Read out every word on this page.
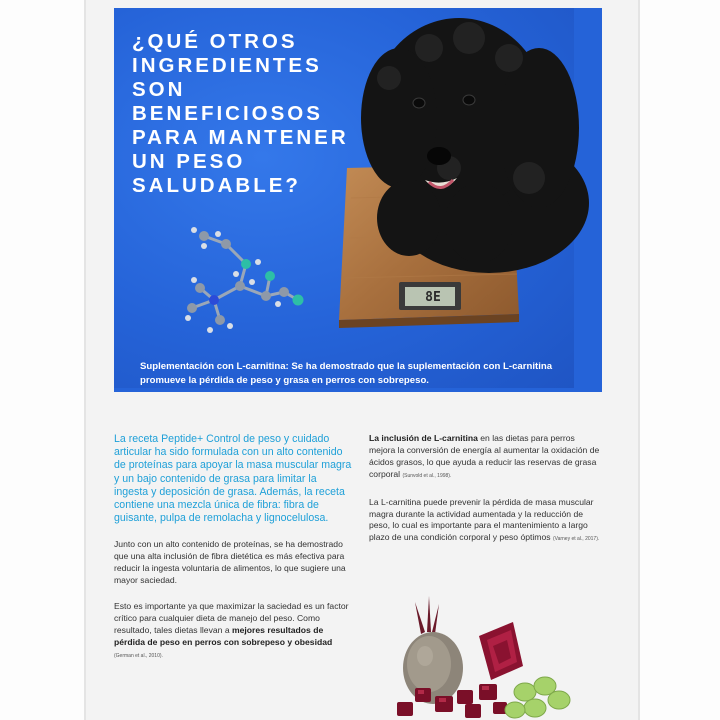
¿QUÉ OTROS INGREDIENTES SON BENEFICIOSOS PARA MANTENER UN PESO SALUDABLE?
8E
Suplementación con L-carnitina: Se ha demostrado que la suplementación con L-carnitina promueve la pérdida de peso y grasa en perros con sobrepeso.

La receta Peptide+ Control de peso y cuidado articular ha sido formulada con un alto contenido de proteínas para apoyar la masa muscular magra y un bajo contenido de grasa para limitar la ingesta y deposición de grasa. Además, la receta contiene una mezcla única de fibra: fibra de guisante, pulpa de remolacha y lignocelulosa.

Junto con un alto contenido de proteínas, se ha demostrado que una alta inclusión de fibra dietética es más efectiva para reducir la ingesta voluntaria de alimentos, lo que sugiere una mayor saciedad.

Esto es importante ya que maximizar la saciedad es un factor crítico para cualquier dieta de manejo del peso. Como resultado, tales dietas llevan a mejores resultados de pérdida de peso en perros con sobrepeso y obesidad (German et al., 2010).

La inclusión de L-carnitina en las dietas para perros mejora la conversión de energía al aumentar la oxidación de ácidos grasos, lo que ayuda a reducir las reservas de grasa corporal (Sunvold et al., 1998).

La L-carnitina puede prevenir la pérdida de masa muscular magra durante la actividad aumentada y la reducción de peso, lo cual es importante para el mantenimiento a largo plazo de una condición corporal y peso óptimos (Varney et al., 2017).
